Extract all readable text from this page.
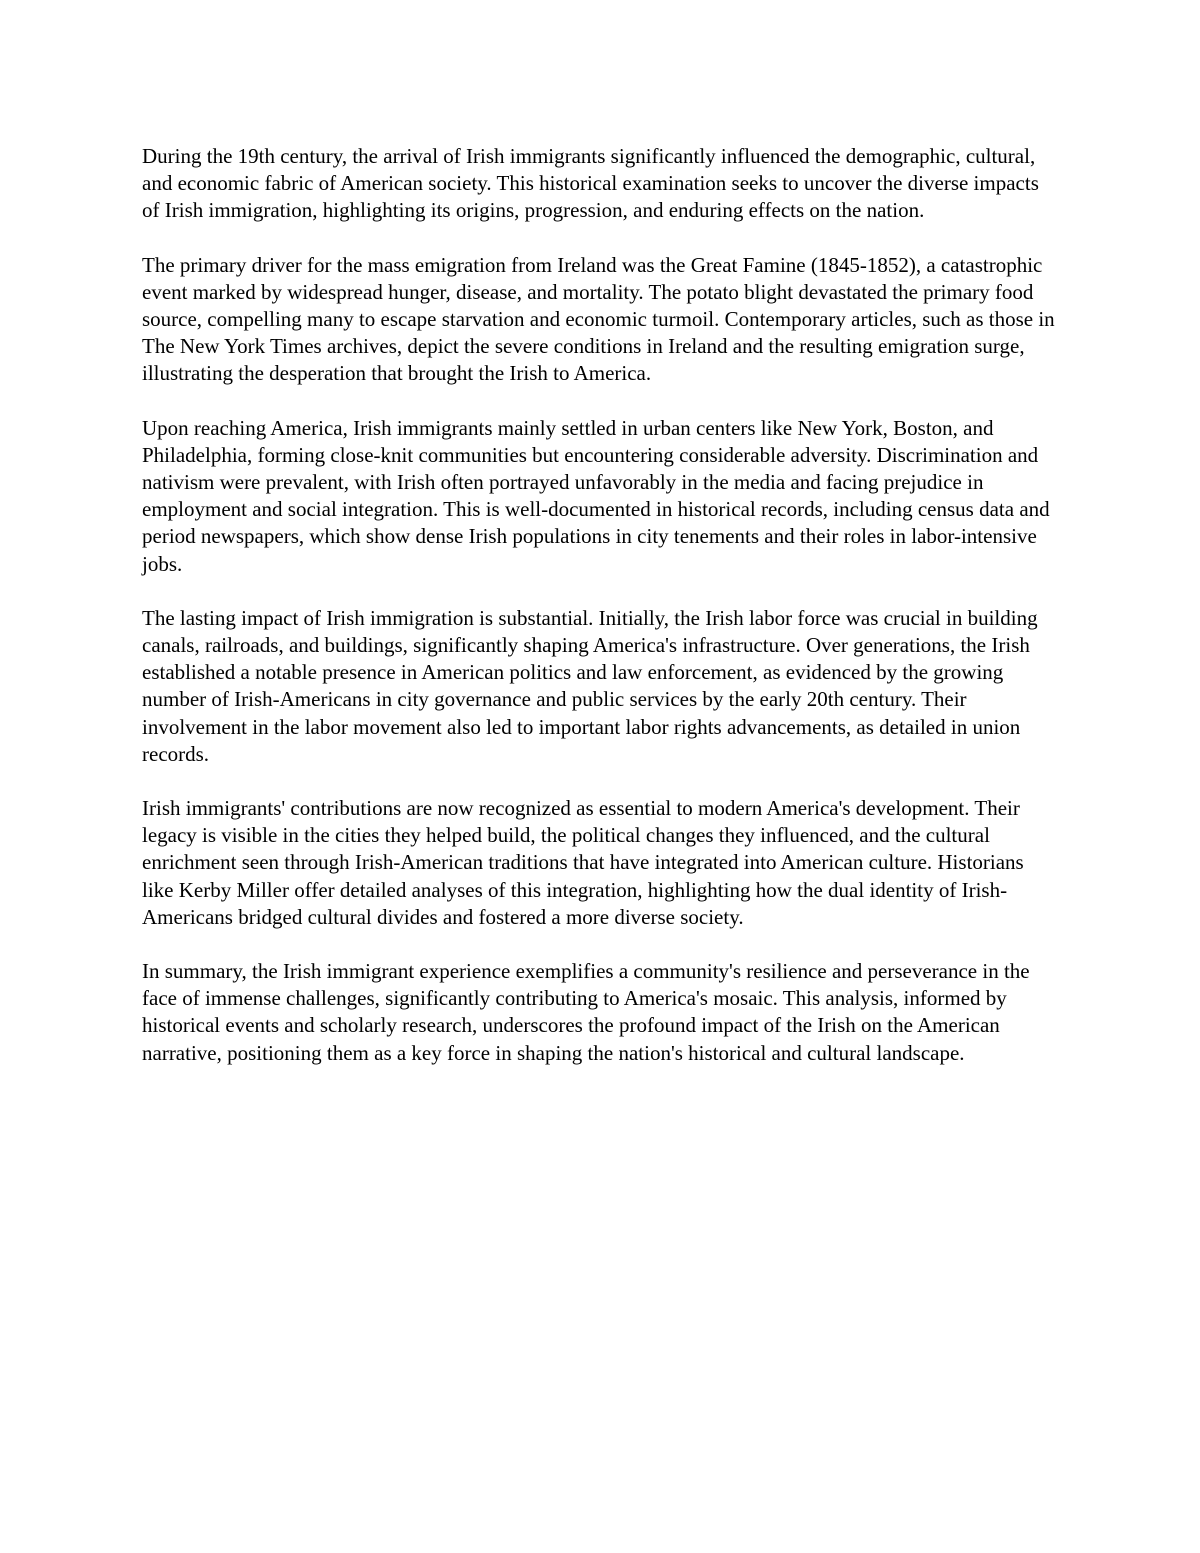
During the 19th century, the arrival of Irish immigrants significantly influenced the demographic, cultural, and economic fabric of American society. This historical examination seeks to uncover the diverse impacts of Irish immigration, highlighting its origins, progression, and enduring effects on the nation.

The primary driver for the mass emigration from Ireland was the Great Famine (1845-1852), a catastrophic event marked by widespread hunger, disease, and mortality. The potato blight devastated the primary food source, compelling many to escape starvation and economic turmoil. Contemporary articles, such as those in The New York Times archives, depict the severe conditions in Ireland and the resulting emigration surge, illustrating the desperation that brought the Irish to America.

Upon reaching America, Irish immigrants mainly settled in urban centers like New York, Boston, and Philadelphia, forming close-knit communities but encountering considerable adversity. Discrimination and nativism were prevalent, with Irish often portrayed unfavorably in the media and facing prejudice in employment and social integration. This is well-documented in historical records, including census data and period newspapers, which show dense Irish populations in city tenements and their roles in labor-intensive jobs.

The lasting impact of Irish immigration is substantial. Initially, the Irish labor force was crucial in building canals, railroads, and buildings, significantly shaping America's infrastructure. Over generations, the Irish established a notable presence in American politics and law enforcement, as evidenced by the growing number of Irish-Americans in city governance and public services by the early 20th century. Their involvement in the labor movement also led to important labor rights advancements, as detailed in union records.

Irish immigrants' contributions are now recognized as essential to modern America's development. Their legacy is visible in the cities they helped build, the political changes they influenced, and the cultural enrichment seen through Irish-American traditions that have integrated into American culture. Historians like Kerby Miller offer detailed analyses of this integration, highlighting how the dual identity of Irish-Americans bridged cultural divides and fostered a more diverse society.

In summary, the Irish immigrant experience exemplifies a community's resilience and perseverance in the face of immense challenges, significantly contributing to America's mosaic. This analysis, informed by historical events and scholarly research, underscores the profound impact of the Irish on the American narrative, positioning them as a key force in shaping the nation's historical and cultural landscape.
